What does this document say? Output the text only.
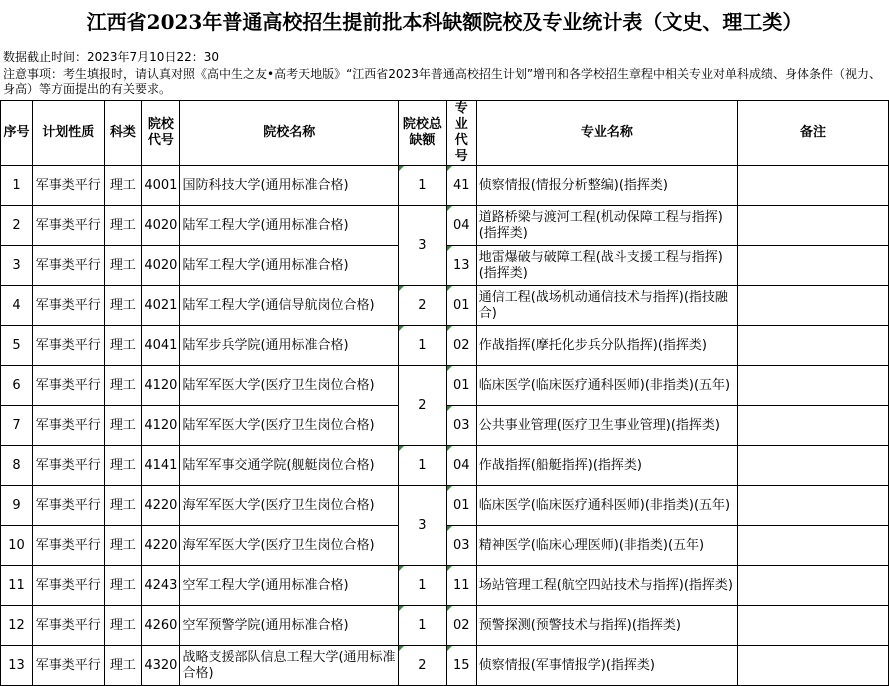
江西省2023年普通高校招生提前批本科缺额院校及专业统计表（文史、理工类）
数据截止时间：2023年7月10日22：30
注意事项：考生填报时，请认真对照《高中生之友•高考天地版》“江西省2023年普通高校招生计划”增刊和各学校招生章程中相关专业对单科成绩、身体条件（视力、身高）等方面提出的有关要求。
序号	计划性质	科类	院校代号	院校名称	院校总缺额	专业代号	专业名称	备注
1	军事类平行	理工	4001	国防科技大学(通用标准合格)	1	41	侦察情报(情报分析整编)(指挥类)	
2	军事类平行	理工	4020	陆军工程大学(通用标准合格)	3	04	道路桥梁与渡河工程(机动保障工程与指挥)(指挥类)	
3	军事类平行	理工	4020	陆军工程大学(通用标准合格)		13	地雷爆破与破障工程(战斗支援工程与指挥)(指挥类)	
4	军事类平行	理工	4021	陆军工程大学(通信导航岗位合格)	2	01	通信工程(战场机动通信技术与指挥)(指技融合)	
5	军事类平行	理工	4041	陆军步兵学院(通用标准合格)	1	02	作战指挥(摩托化步兵分队指挥)(指挥类)	
6	军事类平行	理工	4120	陆军军医大学(医疗卫生岗位合格)	2	01	临床医学(临床医疗通科医师)(非指类)(五年)	
7	军事类平行	理工	4120	陆军军医大学(医疗卫生岗位合格)		03	公共事业管理(医疗卫生事业管理)(指挥类)	
8	军事类平行	理工	4141	陆军军事交通学院(舰艇岗位合格)	1	04	作战指挥(船艇指挥)(指挥类)	
9	军事类平行	理工	4220	海军军医大学(医疗卫生岗位合格)	3	01	临床医学(临床医疗通科医师)(非指类)(五年)	
10	军事类平行	理工	4220	海军军医大学(医疗卫生岗位合格)		03	精神医学(临床心理医师)(非指类)(五年)	
11	军事类平行	理工	4243	空军工程大学(通用标准合格)	1	11	场站管理工程(航空四站技术与指挥)(指挥类)	
12	军事类平行	理工	4260	空军预警学院(通用标准合格)	1	02	预警探测(预警技术与指挥)(指挥类)	
13	军事类平行	理工	4320	战略支援部队信息工程大学(通用标准合格)	2	15	侦察情报(军事情报学)(指挥类)	
